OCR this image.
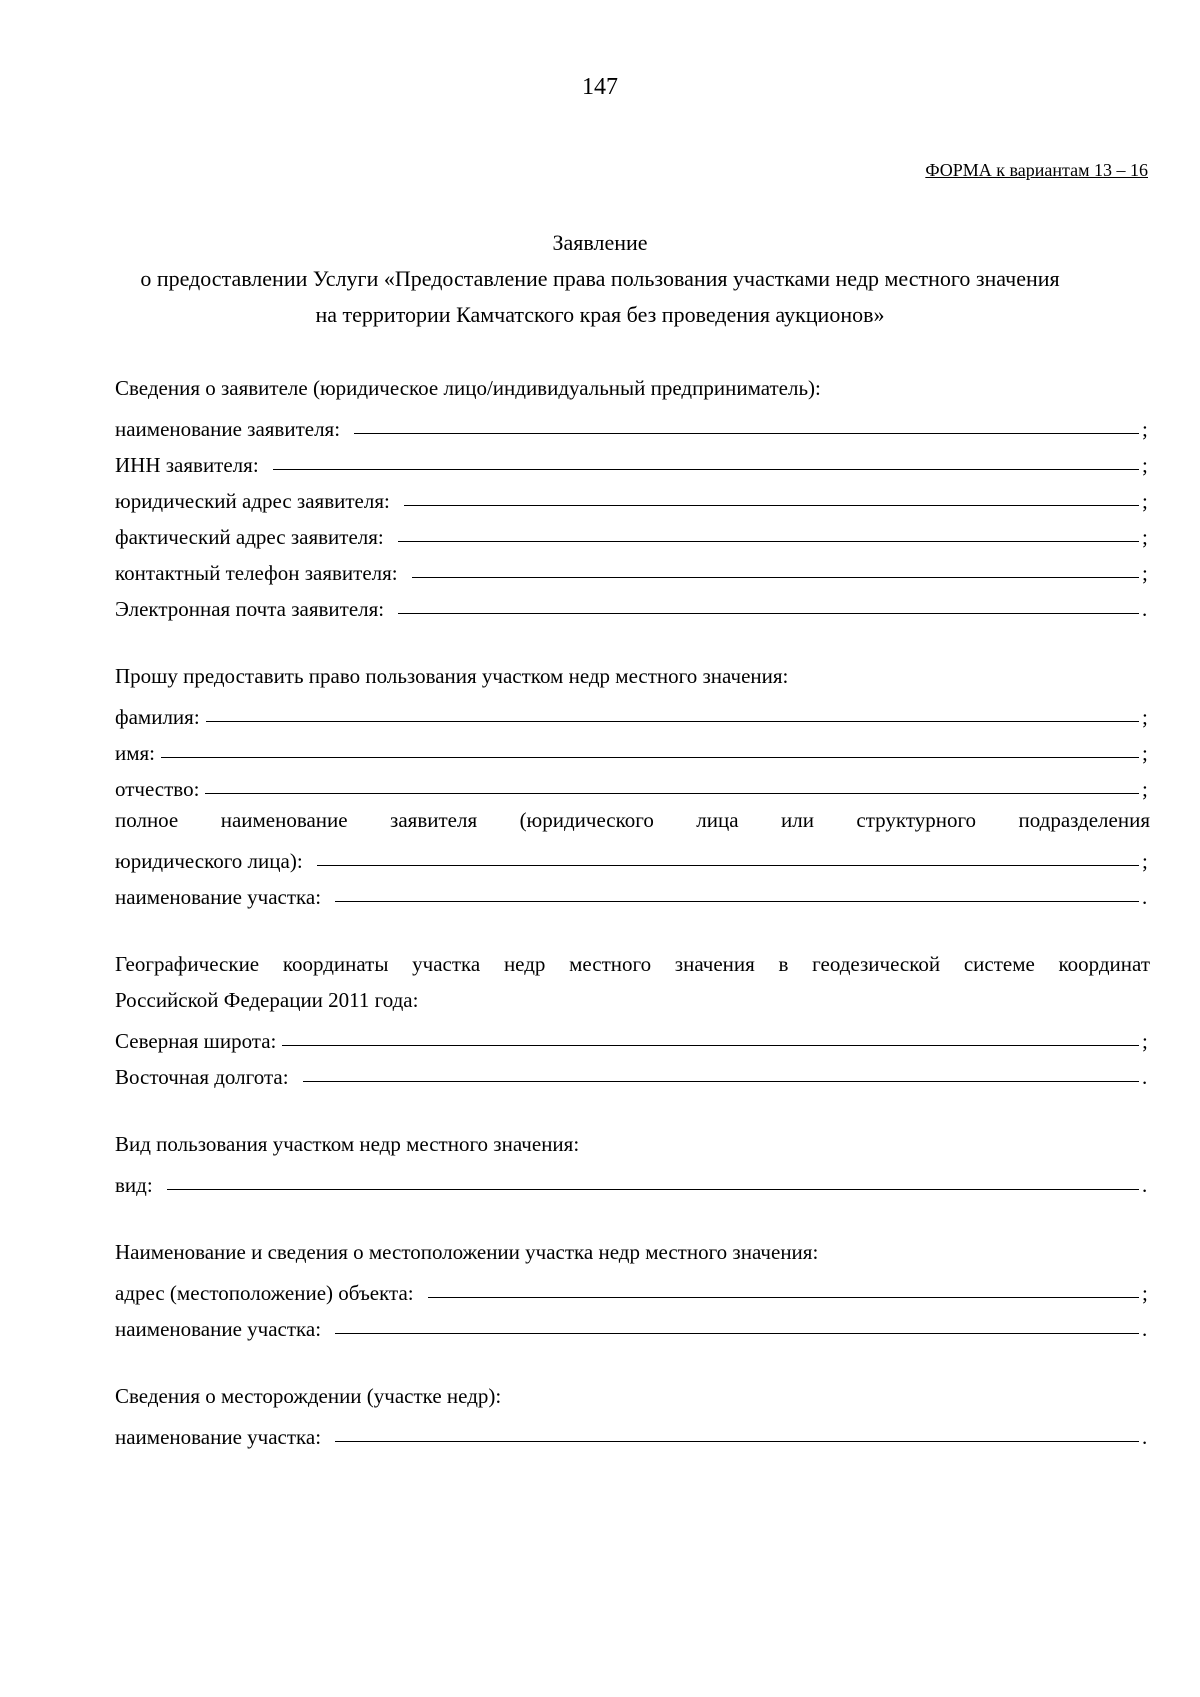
147
ФОРМА к вариантам 13 – 16
Заявление
о предоставлении Услуги «Предоставление права пользования участками недр местного значения
на территории Камчатского края без проведения аукционов»
Сведения о заявителе (юридическое лицо/индивидуальный предприниматель):
наименование заявителя:	;
ИНН заявителя:	;
юридический адрес заявителя:	;
фактический адрес заявителя:	;
контактный телефон заявителя:	;
Электронная почта заявителя:	.
Прошу предоставить право пользования участком недр местного значения:
фамилия:	;
имя:	;
отчество:	;
полное наименование заявителя (юридического лица или структурного подразделения
юридического лица):	;
наименование участка:	.
Географические координаты участка недр местного значения в геодезической системе координат
Российской Федерации 2011 года:
Северная широта:	;
Восточная долгота:	.
Вид пользования участком недр местного значения:
вид:	.
Наименование и сведения о местоположении участка недр местного значения:
адрес (местоположение) объекта:	;
наименование участка:	.
Сведения о месторождении (участке недр):
наименование участка:	.
